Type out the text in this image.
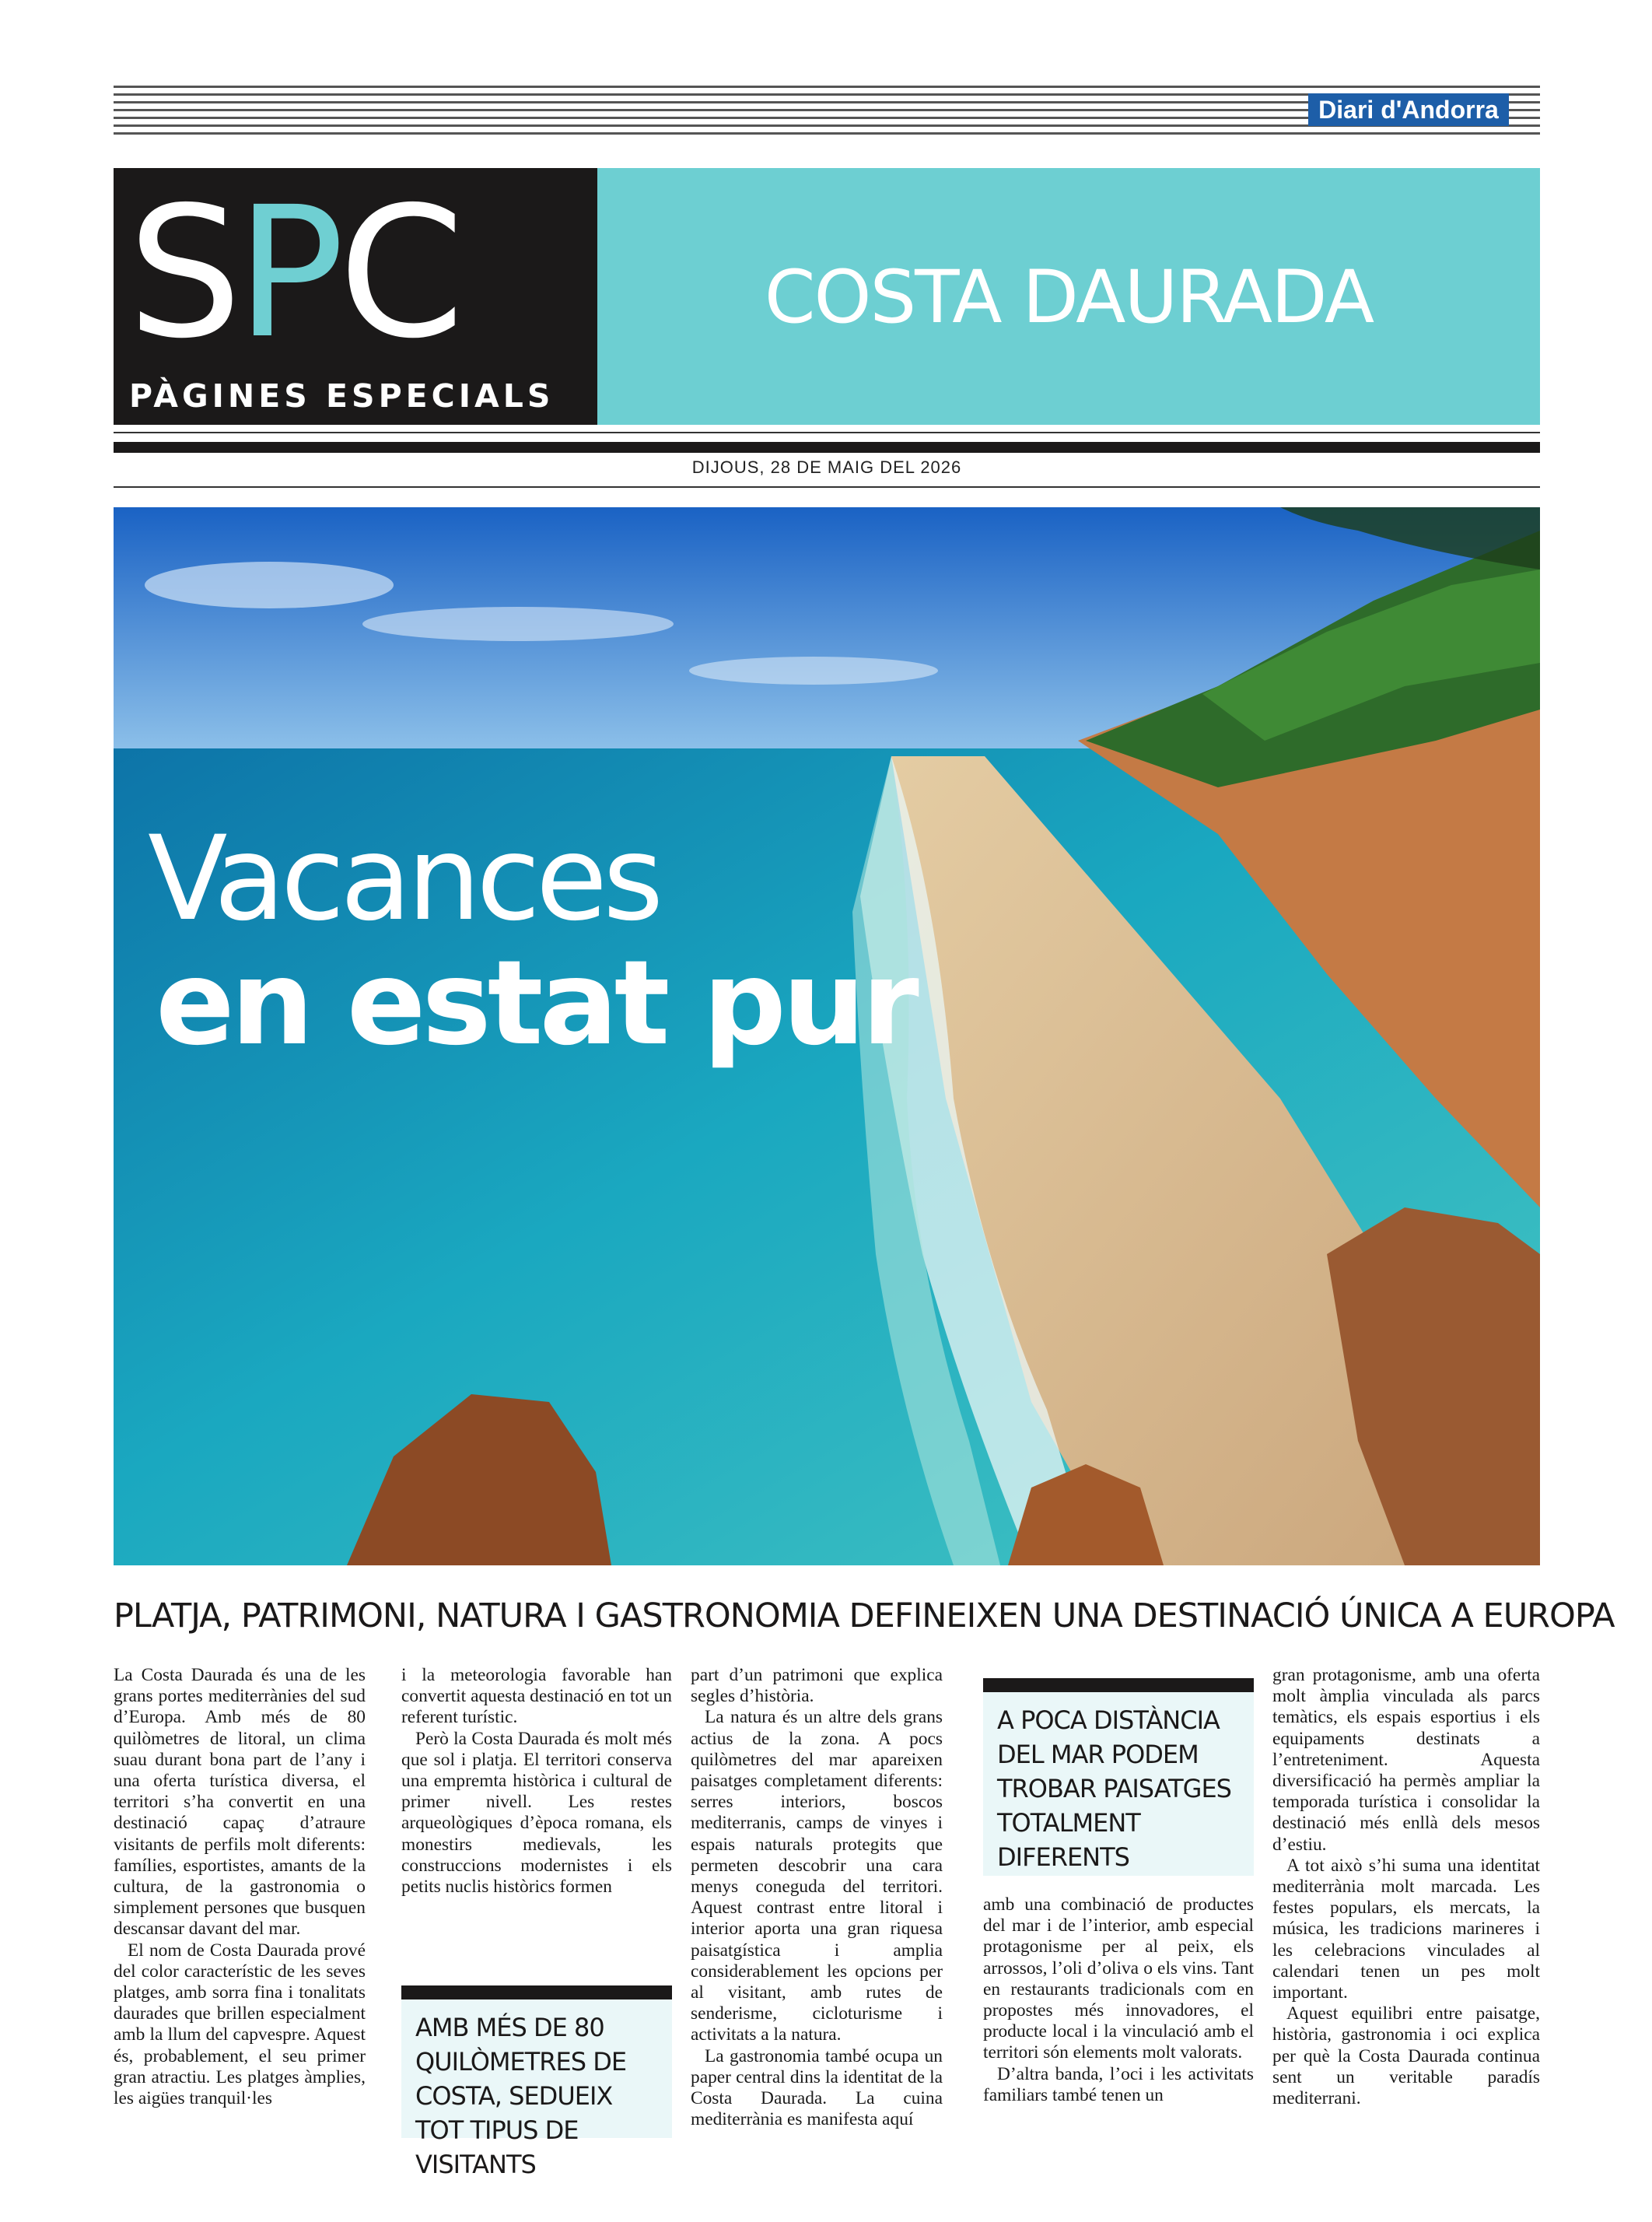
Diari d'Andorra
SPC
PÀGINES ESPECIALS
COSTA DAURADA
DIJOUS, 28 DE MAIG DEL 2026
Vacances
en estat pur
PLATJA, PATRIMONI, NATURA I GASTRONOMIA DEFINEIXEN UNA DESTINACIÓ ÚNICA A EUROPA

La Costa Daurada és una de les grans portes mediterrànies del sud d’Europa. Amb més de 80 quilòmetres de litoral, un clima suau durant bona part de l’any i una oferta turística diversa, el territori s’ha convertit en una destinació capaç d’atraure visitants de perfils molt diferents: famílies, esportistes, amants de la cultura, de la gastronomia o simplement persones que busquen descansar davant del mar.

El nom de Costa Daurada prové del color característic de les seves platges, amb sorra fina i tonalitats daurades que brillen especialment amb la llum del capvespre. Aquest és, probablement, el seu primer gran atractiu. Les platges àmplies, les aigües tranquil·les

i la meteorologia favorable han convertit aquesta destinació en tot un referent turístic.

Però la Costa Daurada és molt més que sol i platja. El territori conserva una empremta històrica i cultural de primer nivell. Les restes arqueològiques d’època romana, els monestirs medievals, les construccions modernistes i els petits nuclis històrics formen

AMB MÉS DE 80 QUILÒMETRES DE COSTA, SEDUEIX TOT TIPUS DE VISITANTS

part d’un patrimoni que explica segles d’història.

La natura és un altre dels grans actius de la zona. A pocs quilòmetres del mar apareixen paisatges completament diferents: serres interiors, boscos mediterranis, camps de vinyes i espais naturals protegits que permeten descobrir una cara menys coneguda del territori. Aquest contrast entre litoral i interior aporta una gran riquesa paisatgística i amplia considerablement les opcions per al visitant, amb rutes de senderisme, cicloturisme i activitats a la natura.

La gastronomia també ocupa un paper central dins la identitat de la Costa Daurada. La cuina mediterrània es manifesta aquí

A POCA DISTÀNCIA DEL MAR PODEM TROBAR PAISATGES TOTALMENT DIFERENTS

amb una combinació de productes del mar i de l’interior, amb especial protagonisme per al peix, els arrossos, l’oli d’oliva o els vins. Tant en restaurants tradicionals com en propostes més innovadores, el producte local i la vinculació amb el territori són elements molt valorats.

D’altra banda, l’oci i les activitats familiars també tenen un

gran protagonisme, amb una oferta molt àmplia vinculada als parcs temàtics, els espais esportius i els equipaments destinats a l’entreteniment. Aquesta diversificació ha permès ampliar la temporada turística i consolidar la destinació més enllà dels mesos d’estiu.

A tot això s’hi suma una identitat mediterrània molt marcada. Les festes populars, els mercats, la música, les tradicions marineres i les celebracions vinculades al calendari tenen un pes molt important.

Aquest equilibri entre paisatge, història, gastronomia i oci explica per què la Costa Daurada continua sent un veritable paradís mediterrani.
